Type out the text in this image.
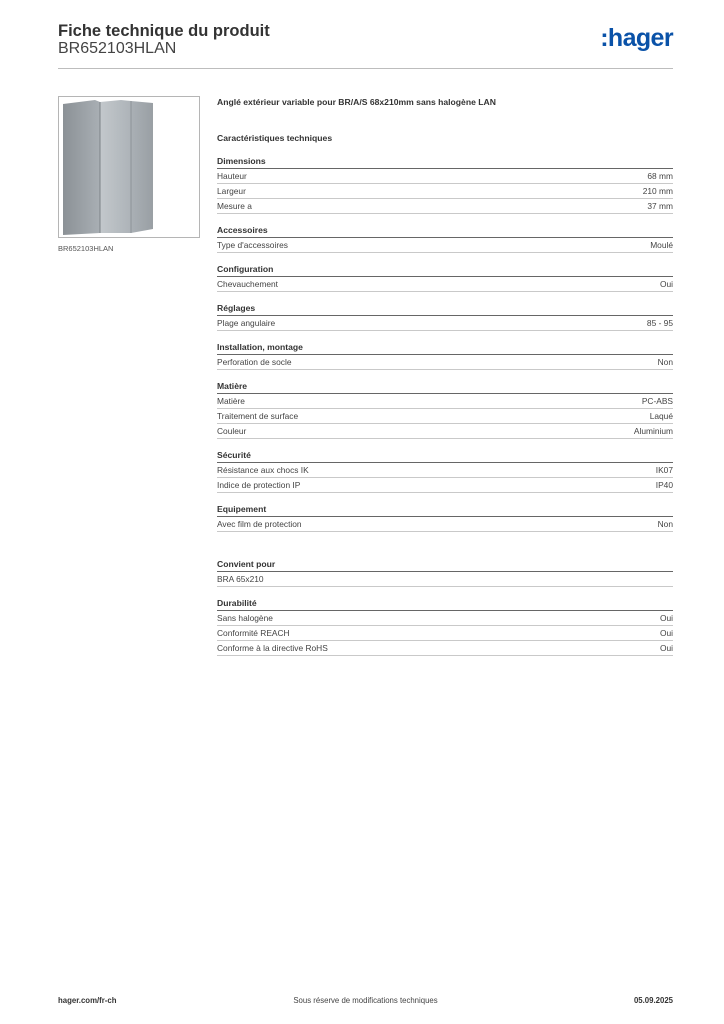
Fiche technique du produit
BR652103HLAN	:hager
BR652103HLAN
Anglé extérieur variable pour BR/A/S 68x210mm sans halogène LAN
Caractéristiques techniques
Dimensions
Hauteur	68 mm
Largeur	210 mm
Mesure a	37 mm
Accessoires
Type d'accessoires	Moulé
Configuration
Chevauchement	Oui
Réglages
Plage angulaire	85 - 95
Installation, montage
Perforation de socle	Non
Matière
Matière	PC-ABS
Traitement de surface	Laqué
Couleur	Aluminium
Sécurité
Résistance aux chocs IK	IK07
Indice de protection IP	IP40
Equipement
Avec film de protection	Non
Convient pour
BRA 65x210
Durabilité
Sans halogène	Oui
Conformité REACH	Oui
Conforme à la directive RoHS	Oui
hager.com/fr-ch	Sous réserve de modifications techniques	05.09.2025
